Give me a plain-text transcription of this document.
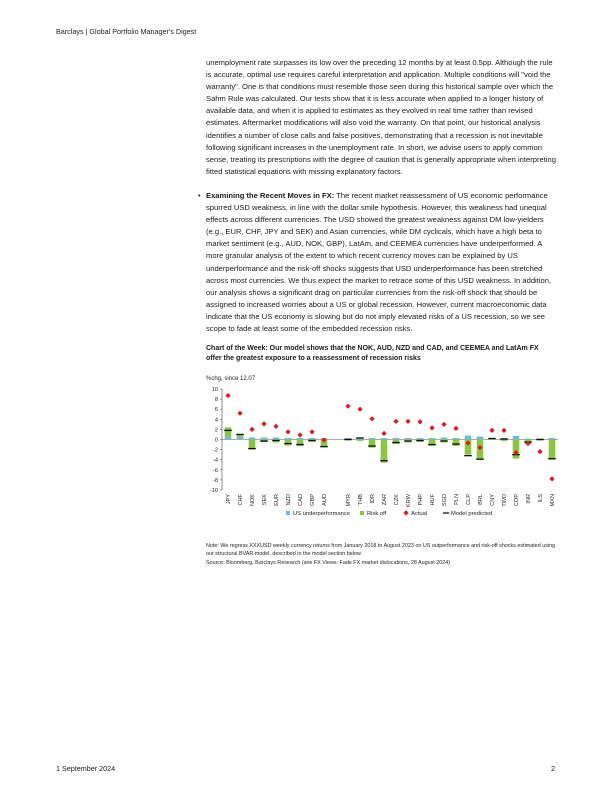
Barclays | Global Portfolio Manager's Digest

unemployment rate surpasses its low over the preceding 12 months by at least 0.5pp. Although the rule is accurate, optimal use requires careful interpretation and application. Multiple conditions will "void the warranty". One is that conditions must resemble those seen during this historical sample over which the Sahm Rule was calculated. Our tests show that it is less accurate when applied to a longer history of available data, and when it is applied to estimates as they evolved in real time rather than revised estimates. Aftermarket modifications will also void the warranty. On that point, our historical analysis identifies a number of close calls and false positives, demonstrating that a recession is not inevitable following significant increases in the unemployment rate. In short, we advise users to apply common sense, treating its prescriptions with the degree of caution that is generally appropriate when interpreting fitted statistical equations with missing explanatory factors.

• Examining the Recent Moves in FX: The recent market reassessment of US economic performance spurred USD weakness, in line with the dollar smile hypothesis. However, this weakness had unequal effects across different currencies. The USD showed the greatest weakness against DM low-yielders (e.g., EUR, CHF, JPY and SEK) and Asian currencies, while DM cyclicals, which have a high beta to market sentiment (e.g., AUD, NOK, GBP), LatAm, and CEEMEA currencies have underperformed. A more granular analysis of the extent to which recent currency moves can be explained by US underperformance and the risk-off shocks suggests that USD underperformance has been stretched across most currencies. We thus expect the market to retrace some of this USD weakness. In addition, our analysis shows a significant drag on particular currencies from the risk-off shock that should be assigned to increased worries about a US or global recession. However, current macroeconomic data indicate that the US economy is slowing but do not imply elevated risks of a US recession, so we see scope to fade at least some of the embedded recession risks.

Chart of the Week: Our model shows that the NOK, AUD, NZD and CAD, and CEEMEA and LatAm FX offer the greatest exposure to a reassessment of recession risks
%chg, since 12.07
10
8
6
4
2
0
-2
-4
-6
-8
-10
JPY CHF NOK SEK EUR NZD CAD GBP AUD	MYR THB IDR ZAR CZK KRW PHP HUF SGD PLN CLP BRL CNY TWD COP INR ILS MXN
US underperformance	Risk off	Actual	Model predicted
Note: We regress XXXUSD weekly currency returns from January 2018 to August 2023 on US outperformance and risk-off shocks estimated using our structural BVAR model, described in the model section below.
Source: Bloomberg, Barclays Research (see FX Views: Fade FX market dislocations, 28 August 2024)
1 September 2024	2
